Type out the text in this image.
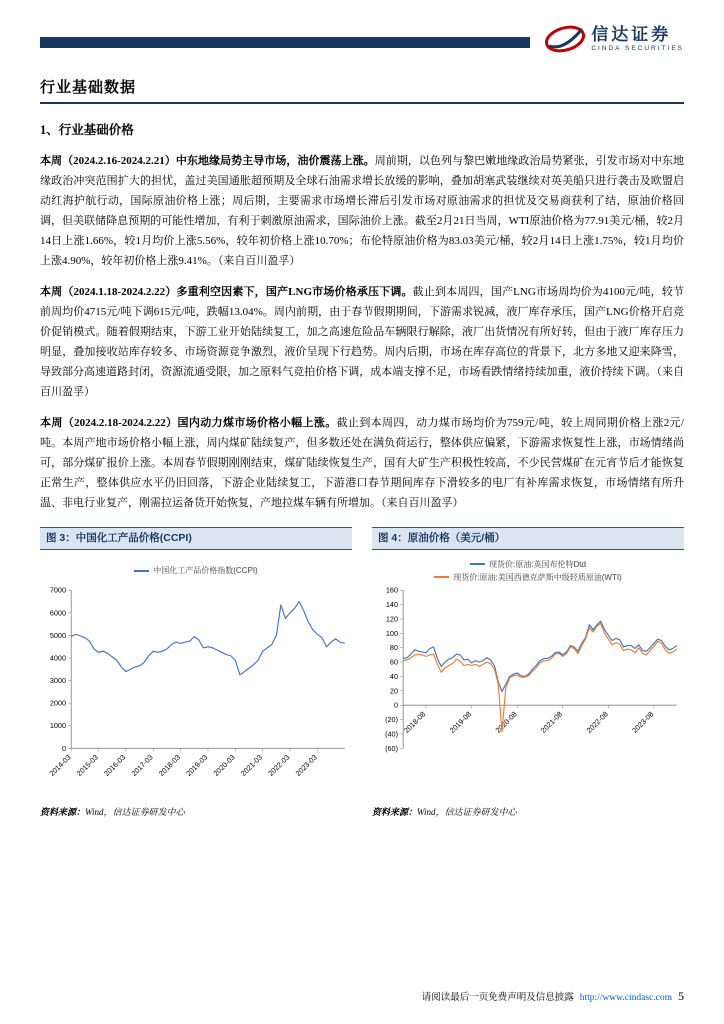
信达证券
CINDA SECURITIES
行业基础数据
1、行业基础价格

本周（2024.2.16-2024.2.21）中东地缘局势主导市场，油价震荡上涨。周前期，以色列与黎巴嫩地缘政治局势紧张，引发市场对中东地缘政治冲突范围扩大的担忧，盖过美国通胀超预期及全球石油需求增长放缓的影响，叠加胡塞武装继续对英美船只进行袭击及欧盟启动红海护航行动，国际原油价格上涨；周后期，主要需求市场增长滞后引发市场对原油需求的担忧及交易商获利了结，原油价格回调，但美联储降息预期的可能性增加，有利于刺激原油需求，国际油价上涨。截至2月21日当周，WTI原油价格为77.91美元/桶，较2月14日上涨1.66%，较1月均价上涨5.56%，较年初价格上涨10.70%；布伦特原油价格为83.03美元/桶，较2月14日上涨1.75%，较1月均价上涨4.90%，较年初价格上涨9.41%。（来自百川盈孚）

本周（2024.1.18-2024.2.22）多重利空因素下，国产LNG市场价格承压下调。截止到本周四，国产LNG市场周均价为4100元/吨，较节前周均价4715元/吨下调615元/吨，跌幅13.04%。周内前期，由于春节假期期间，下游需求锐减，液厂库存承压，国产LNG价格开启竞价促销模式。随着假期结束，下游工业开始陆续复工，加之高速危险品车辆限行解除，液厂出货情况有所好转，但由于液厂库存压力明显，叠加接收站库存较多、市场资源竞争激烈，液价呈现下行趋势。周内后期，市场在库存高位的背景下，北方多地又迎来降雪，导致部分高速道路封闭，资源流通受限，加之原料气竞拍价格下调，成本端支撑不足，市场看跌情绪持续加重，液价持续下调。（来自百川盈孚）

本周（2024.2.18-2024.2.22）国内动力煤市场价格小幅上涨。截止到本周四，动力煤市场均价为759元/吨，较上周同期价格上涨2元/吨。本周产地市场价格小幅上涨，周内煤矿陆续复产，但多数还处在满负荷运行，整体供应偏紧，下游需求恢复性上涨，市场情绪尚可，部分煤矿报价上涨。本周春节假期刚刚结束，煤矿陆续恢复生产，国有大矿生产积极性较高，不少民营煤矿在元宵节后才能恢复正常生产，整体供应水平仍旧回落，下游企业陆续复工，下游港口春节期间库存下滑较多的电厂有补库需求恢复，市场情绪有所升温、非电行业复产，刚需拉运备货开始恢复，产地拉煤车辆有所增加。（来自百川盈孚）

图 3：中国化工产品价格(CCPI)
中国化工产品价格指数(CCPI)
0
1000
2000
3000
4000
5000
6000
7000
2014-03 2015-03 2016-03 2017-03 2018-03 2019-03 2020-03 2021-03 2022-03 2023-03
资料来源：Wind，信达证券研发中心
图 4：原油价格（美元/桶）
现货价:原油:英国布伦特Dtd
现货价:原油:美国西德克萨斯中级轻质原油(WTI)
(60)
(40)
(20)
0
20
40
60
80
100
120
140
160
2018-08	2019-08	2020-08	2021-08	2022-08	2023-08
资料来源：Wind，信达证券研发中心
请阅读最后一页免费声明及信息披露 http://www.cindasc.com 5
